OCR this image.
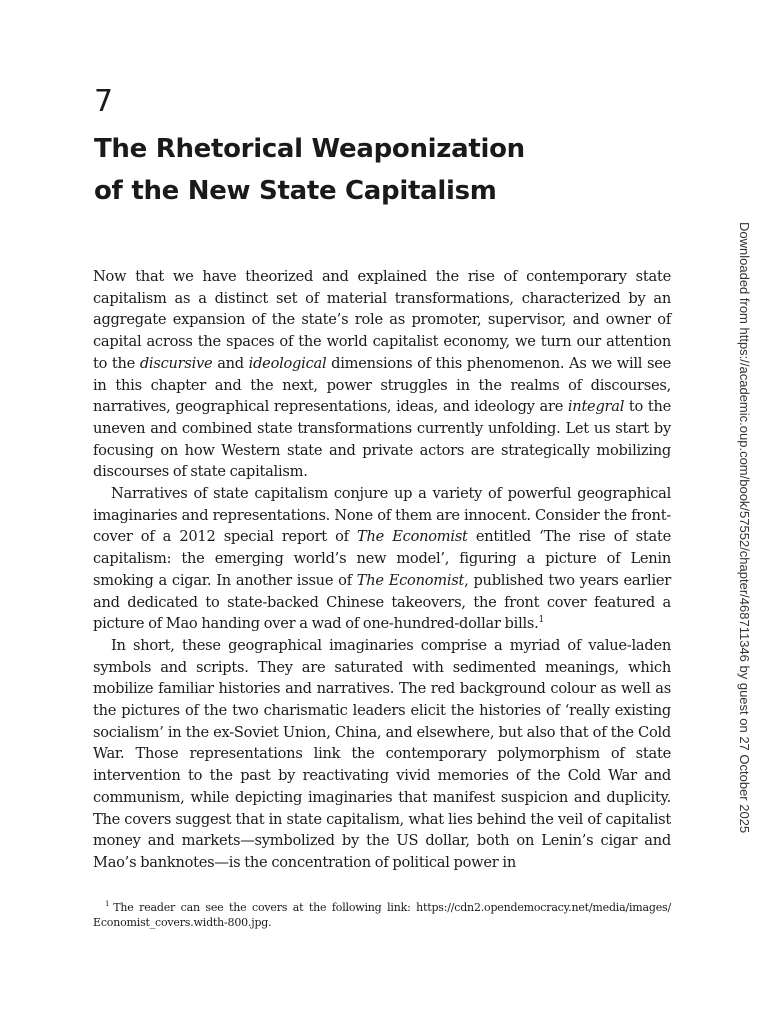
7
The Rhetorical Weaponization
of the New State Capitalism

Now that we have theorized and explained the rise of contemporary state capitalism as a distinct set of material transformations, characterized by an aggregate expansion of the state’s role as promoter, supervisor, and owner of capital across the spaces of the world capitalist economy, we turn our attention to the discursive and ideological dimensions of this phenomenon. As we will see in this chapter and the next, power struggles in the realms of discourses, narratives, geographical representations, ideas, and ideology are integral to the uneven and combined state transformations currently unfolding. Let us start by focusing on how Western state and private actors are strategically mobilizing discourses of state capitalism.

Narratives of state capitalism conjure up a variety of powerful geographical imaginaries and representations. None of them are innocent. Consider the front-cover of a 2012 special report of The Economist entitled ‘The rise of state capitalism: the emerging world’s new model’, figuring a picture of Lenin smoking a cigar. In another issue of The Economist, published two years earlier and dedicated to state-backed Chinese takeovers, the front cover featured a picture of Mao handing over a wad of one-hundred-dollar bills.$^1$

In short, these geographical imaginaries comprise a myriad of value-laden symbols and scripts. They are saturated with sedimented meanings, which mobilize familiar histories and narratives. The red background colour as well as the pictures of the two charismatic leaders elicit the histories of ‘really existing socialism’ in the ex-Soviet Union, China, and elsewhere, but also that of the Cold War. Those representations link the contemporary polymorphism of state intervention to the past by reactivating vivid memories of the Cold War and communism, while depicting imaginaries that manifest suspicion and duplicity. The covers suggest that in state capitalism, what lies behind the veil of capitalist money and markets—symbolized by the US dollar, both on Lenin’s cigar and Mao’s banknotes—is the concentration of political power in

$^1$ The reader can see the covers at the following link: https://cdn2.opendemocracy.net/media/images/ Economist_covers.width-800.jpg.
Downloaded from https://academic.oup.com/book/57552/chapter/468711346 by guest on 27 October 2025
